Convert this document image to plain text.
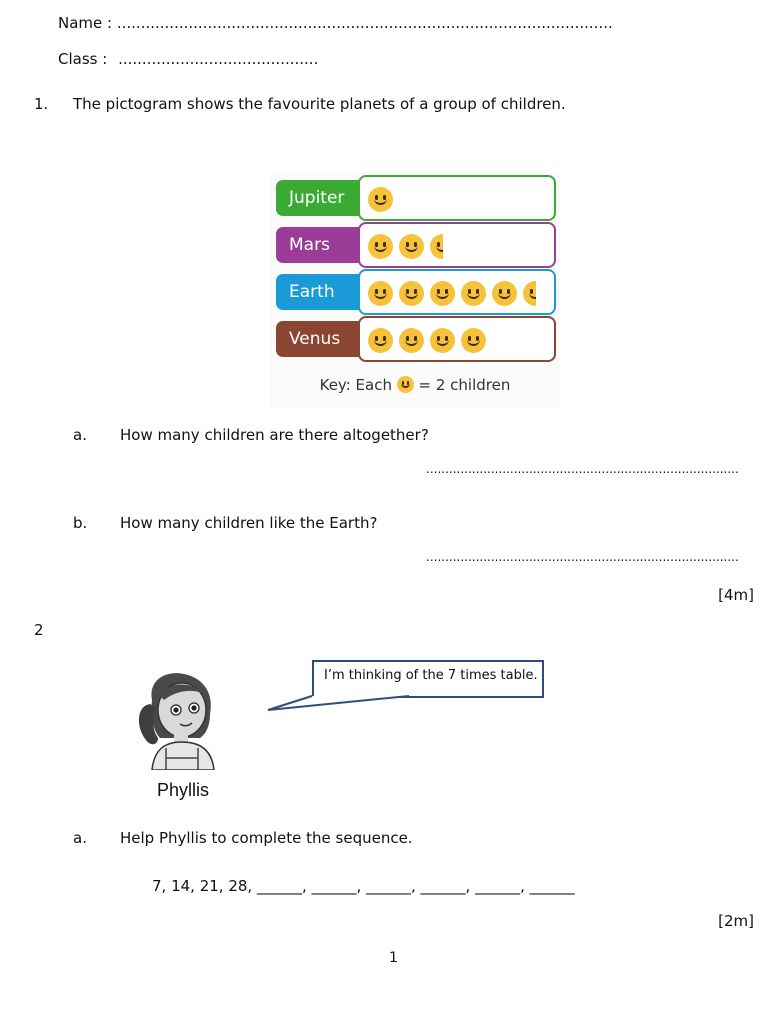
Name : ........................................................................................................
Class : ..........................................
1. The pictogram shows the favourite planets of a group of children.
Jupiter
Mars
Earth
Venus
Key: Each = 2 children
a. How many children are there altogether?
..................................................................................
b. How many children like the Earth?
..................................................................................
[4m]
2
I’m thinking of the 7 times table.
Phyllis
a. Help Phyllis to complete the sequence.
7, 14, 21, 28, ______, ______, ______, ______, ______, ______
[2m]
1
